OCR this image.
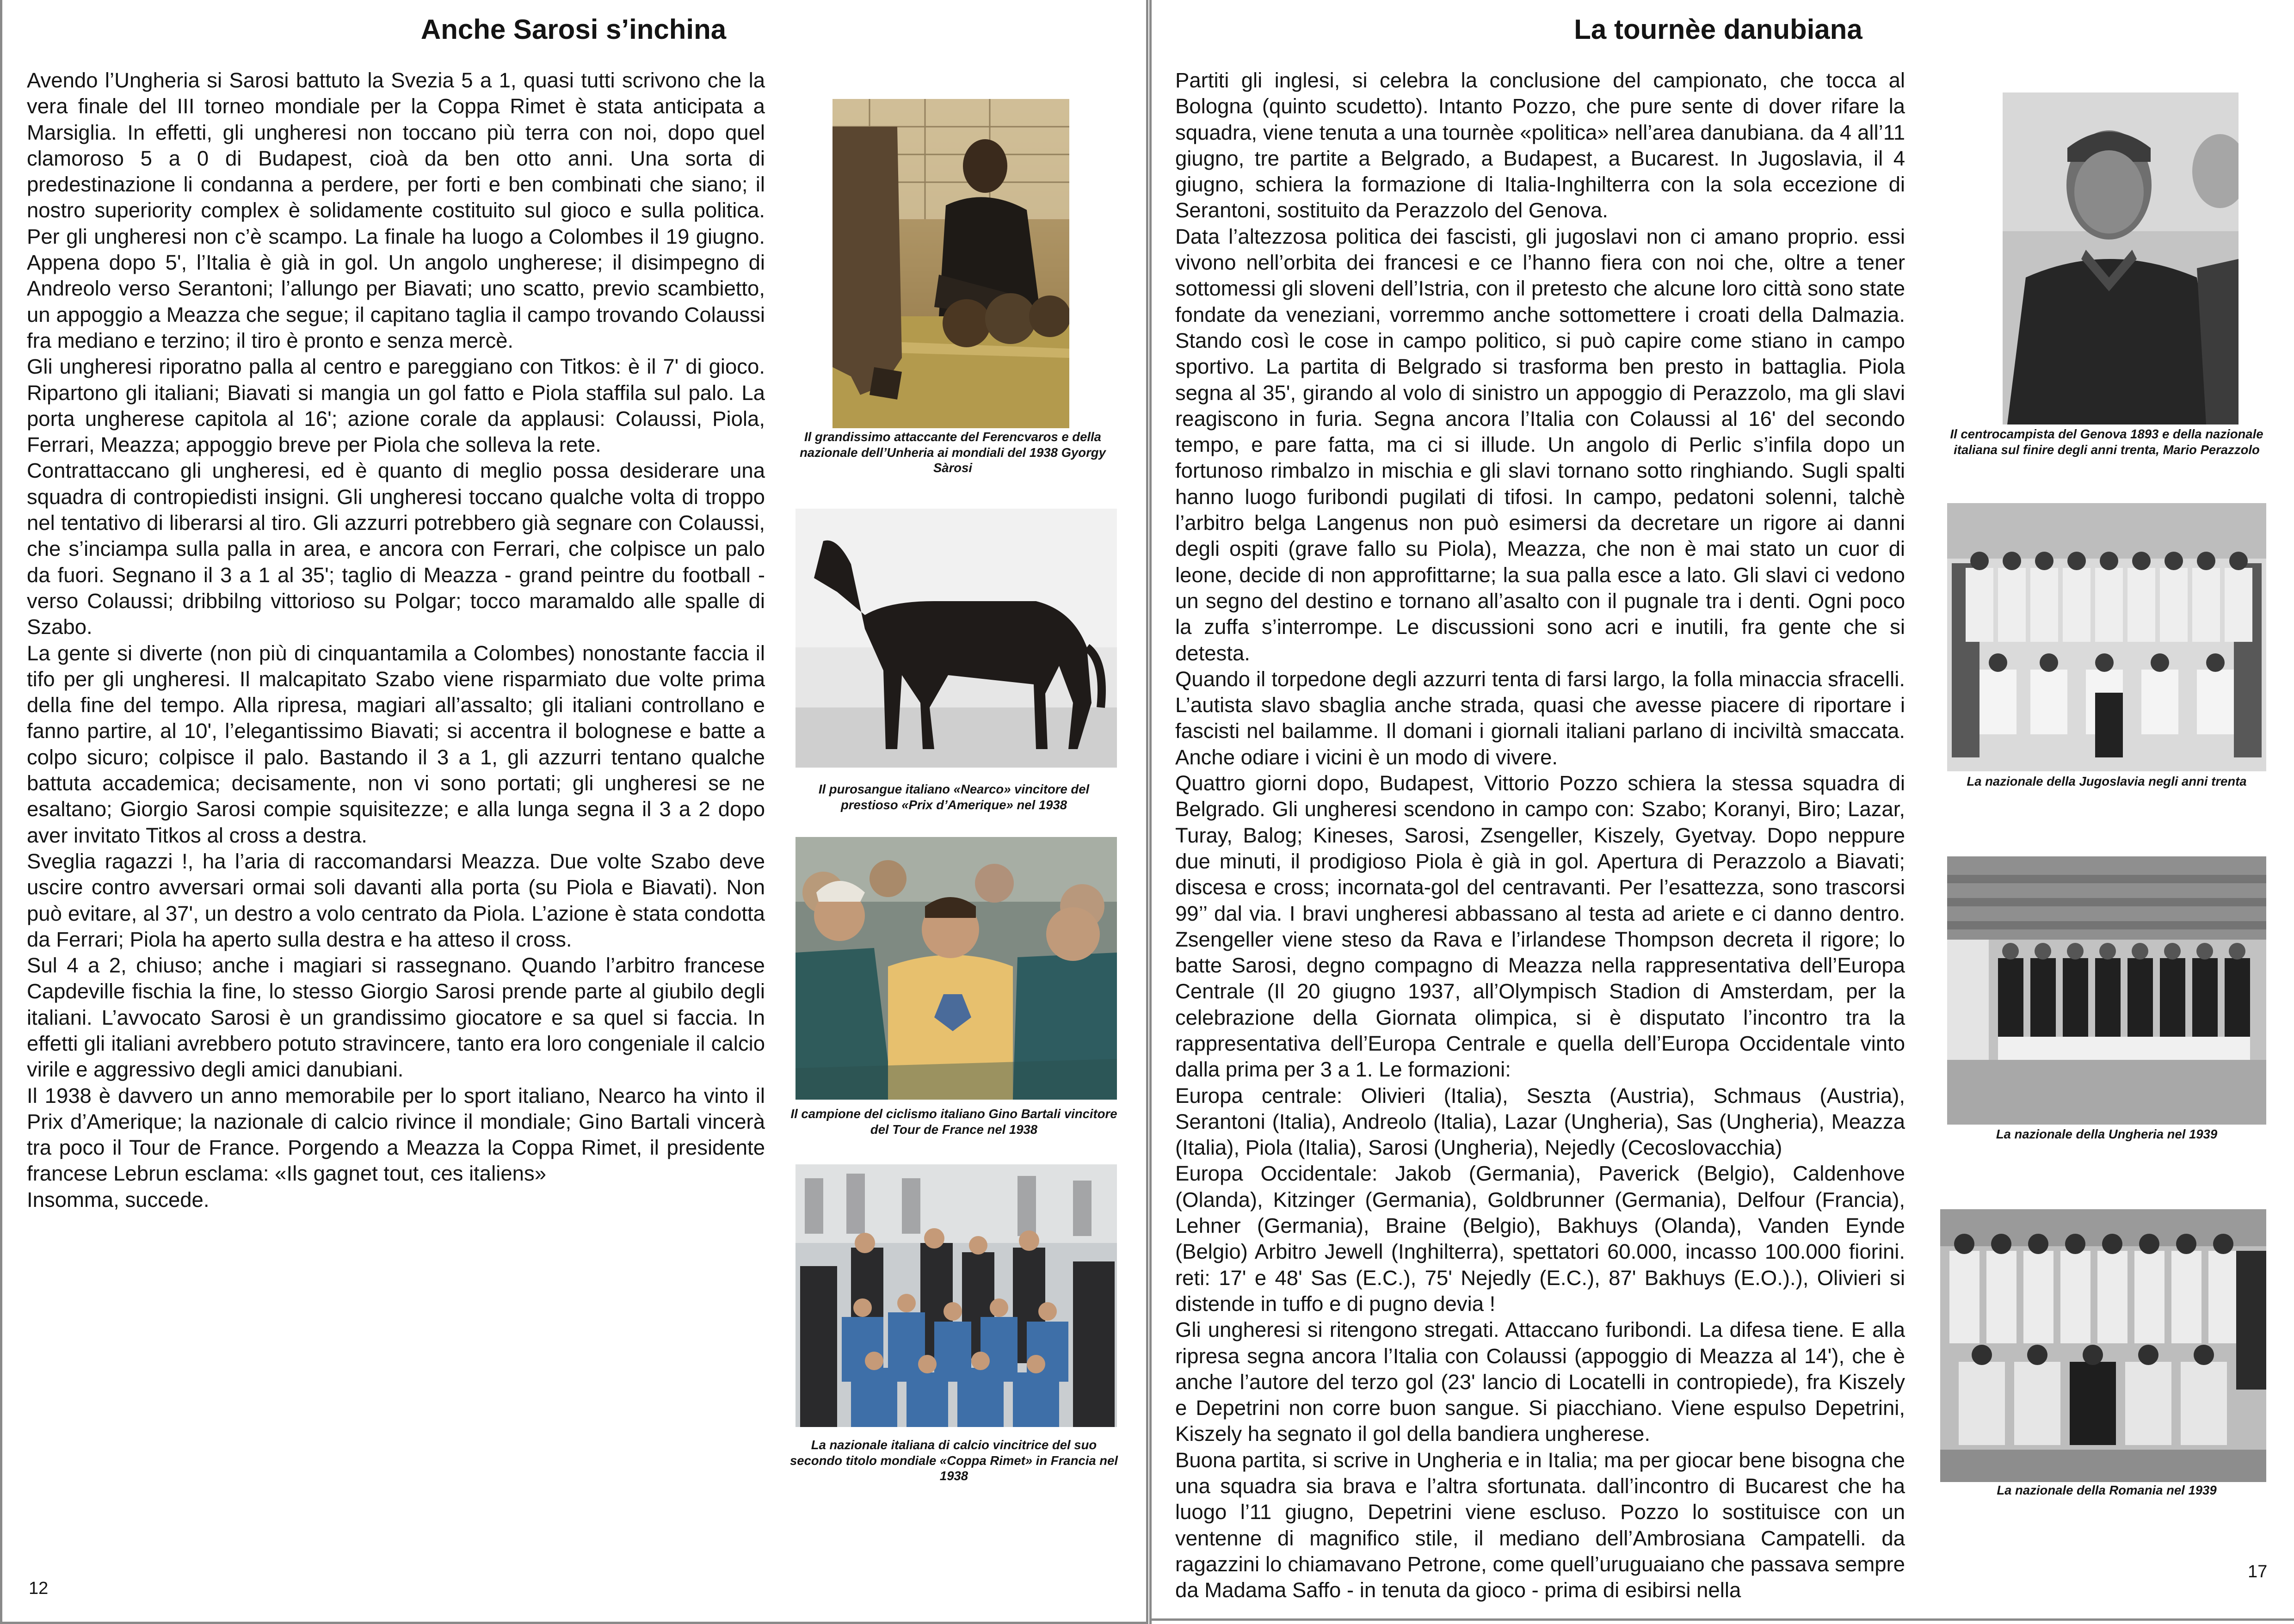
Anche Sarosi s’inchina

Avendo l’Ungheria si Sarosi battuto la Svezia 5 a 1, quasi tutti scrivono che la vera finale del III torneo mondiale per la Coppa Rimet è stata anticipata a Marsiglia. In effetti, gli ungheresi non toccano più terra con noi, dopo quel clamoroso 5 a 0 di Budapest, cioà da ben otto anni. Una sorta di predestinazione li condanna a perdere, per forti e ben combinati che siano; il nostro superiority complex è solidamente costituito sul gioco e sulla politica. Per gli ungheresi non c’è scampo. La finale ha luogo a Colombes il 19 giugno. Appena dopo 5', l’Italia è già in gol. Un angolo ungherese; il disimpegno di Andreolo verso Serantoni; l’allungo per Biavati; uno scatto, previo scambietto, un appoggio a Meazza che segue; il capitano taglia il campo trovando Colaussi fra mediano e terzino; il tiro è pronto e senza mercè.

Gli ungheresi riporatno palla al centro e pareggiano con Titkos: è il 7' di gioco. Ripartono gli italiani; Biavati si mangia un gol fatto e Piola staffila sul palo. La porta ungherese capitola al 16'; azione corale da applausi: Colaussi, Piola, Ferrari, Meazza; appoggio breve per Piola che solleva la rete.

Contrattaccano gli ungheresi, ed è quanto di meglio possa desiderare una squadra di contropiedisti insigni. Gli ungheresi toccano qualche volta di troppo nel tentativo di liberarsi al tiro. Gli azzurri potrebbero già segnare con Colaussi, che s’inciampa sulla palla in area, e ancora con Ferrari, che colpisce un palo da fuori. Segnano il 3 a 1 al 35'; taglio di Meazza - grand peintre du football - verso Colaussi; dribbilng vittorioso su Polgar; tocco maramaldo alle spalle di Szabo.

La gente si diverte (non più di cinquantamila a Colombes) nonostante faccia il tifo per gli ungheresi. Il malcapitato Szabo viene risparmiato due volte prima della fine del tempo. Alla ripresa, magiari all’assalto; gli italiani controllano e fanno partire, al 10', l’elegantissimo Biavati; si accentra il bolognese e batte a colpo sicuro; colpisce il palo. Bastando il 3 a 1, gli azzurri tentano qualche battuta accademica; decisamente, non vi sono portati; gli ungheresi se ne esaltano; Giorgio Sarosi compie squisitezze; e alla lunga segna il 3 a 2 dopo aver invitato Titkos al cross a destra.

Sveglia ragazzi !, ha l’aria di raccomandarsi Meazza. Due volte Szabo deve uscire contro avversari ormai soli davanti alla porta (su Piola e Biavati). Non può evitare, al 37', un destro a volo centrato da Piola. L’azione è stata condotta da Ferrari; Piola ha aperto sulla destra e ha atteso il cross.

Sul 4 a 2, chiuso; anche i magiari si rassegnano. Quando l’arbitro francese Capdeville fischia la fine, lo stesso Giorgio Sarosi prende parte al giubilo degli italiani. L’avvocato Sarosi è un grandissimo giocatore e sa quel si faccia. In effetti gli italiani avrebbero potuto stravincere, tanto era loro congeniale il calcio virile e aggressivo degli amici danubiani.

Il 1938 è davvero un anno memorabile per lo sport italiano, Nearco ha vinto il Prix d’Amerique; la nazionale di calcio rivince il mondiale; Gino Bartali vincerà tra poco il Tour de France. Porgendo a Meazza la Coppa Rimet, il presidente francese Lebrun esclama: «Ils gagnet tout, ces italiens»

Insomma, succede.

Il grandissimo attaccante del Ferencvaros e della nazionale dell’Unheria ai mondiali del 1938 Gyorgy Sàrosi
Il purosangue italiano «Nearco» vincitore del prestioso «Prix d’Amerique» nel 1938
Il campione del ciclismo italiano Gino Bartali vincitore del Tour de France nel 1938
La nazionale italiana di calcio vincitrice del suo secondo titolo mondiale «Coppa Rimet» in Francia nel 1938
12
La tournèe danubiana

Partiti gli inglesi, si celebra la conclusione del campionato, che tocca al Bologna (quinto scudetto). Intanto Pozzo, che pure sente di dover rifare la squadra, viene tenuta a una tournèe «politica» nell’area danubiana. da 4 all’11 giugno, tre partite a Belgrado, a Budapest, a Bucarest. In Jugoslavia, il 4 giugno, schiera la formazione di Italia-Inghilterra con la sola eccezione di Serantoni, sostituito da Perazzolo del Genova.

Data l’altezzosa politica dei fascisti, gli jugoslavi non ci amano proprio. essi vivono nell’orbita dei francesi e ce l’hanno fiera con noi che, oltre a tener sottomessi gli sloveni dell’Istria, con il pretesto che alcune loro città sono state fondate da veneziani, vorremmo anche sottomettere i croati della Dalmazia. Stando così le cose in campo politico, si può capire come stiano in campo sportivo. La partita di Belgrado si trasforma ben presto in battaglia. Piola segna al 35', girando al volo di sinistro un appoggio di Perazzolo, ma gli slavi reagiscono in furia. Segna ancora l’Italia con Colaussi al 16' del secondo tempo, e pare fatta, ma ci si illude. Un angolo di Perlic s’infila dopo un fortunoso rimbalzo in mischia e gli slavi tornano sotto ringhiando. Sugli spalti hanno luogo furibondi pugilati di tifosi. In campo, pedatoni solenni, talchè l’arbitro belga Langenus non può esimersi da decretare un rigore ai danni degli ospiti (grave fallo su Piola), Meazza, che non è mai stato un cuor di leone, decide di non approfittarne; la sua palla esce a lato. Gli slavi ci vedono un segno del destino e tornano all’asalto con il pugnale tra i denti. Ogni poco la zuffa s’interrompe. Le discussioni sono acri e inutili, fra gente che si detesta.

Quando il torpedone degli azzurri tenta di farsi largo, la folla minaccia sfracelli. L’autista slavo sbaglia anche strada, quasi che avesse piacere di riportare i fascisti nel bailamme. Il domani i giornali italiani parlano di inciviltà smaccata. Anche odiare i vicini è un modo di vivere.

Quattro giorni dopo, Budapest, Vittorio Pozzo schiera la stessa squadra di Belgrado. Gli ungheresi scendono in campo con: Szabo; Koranyi, Biro; Lazar, Turay, Balog; Kineses, Sarosi, Zsengeller, Kiszely, Gyetvay. Dopo neppure due minuti, il prodigioso Piola è già in gol. Apertura di Perazzolo a Biavati; discesa e cross; incornata-gol del centravanti. Per l’esattezza, sono trascorsi 99’’ dal via. I bravi ungheresi abbassano al testa ad ariete e ci danno dentro. Zsengeller viene steso da Rava e l’irlandese Thompson decreta il rigore; lo batte Sarosi, degno compagno di Meazza nella rappresentativa dell’Europa Centrale (Il 20 giugno 1937, all’Olympisch Stadion di Amsterdam, per la celebrazione della Giornata olimpica, si è disputato l’incontro tra la rappresentativa dell’Europa Centrale e quella dell’Europa Occidentale vinto dalla prima per 3 a 1. Le formazioni:

Europa centrale: Olivieri (Italia), Seszta (Austria), Schmaus (Austria), Serantoni (Italia), Andreolo (Italia), Lazar (Ungheria), Sas (Ungheria), Meazza (Italia), Piola (Italia), Sarosi (Ungheria), Nejedly (Cecoslovacchia)

Europa Occidentale: Jakob (Germania), Paverick (Belgio), Caldenhove (Olanda), Kitzinger (Germania), Goldbrunner (Germania), Delfour (Francia), Lehner (Germania), Braine (Belgio), Bakhuys (Olanda), Vanden Eynde (Belgio) Arbitro Jewell (Inghilterra), spettatori 60.000, incasso 100.000 fiorini. reti: 17' e 48' Sas (E.C.), 75' Nejedly (E.C.), 87' Bakhuys (E.O.).), Olivieri si distende in tuffo e di pugno devia !

Gli ungheresi si ritengono stregati. Attaccano furibondi. La difesa tiene. E alla ripresa segna ancora l’Italia con Colaussi (appoggio di Meazza al 14'), che è anche l’autore del terzo gol (23' lancio di Locatelli in contropiede), fra Kiszely e Depetrini non corre buon sangue. Si piacchiano. Viene espulso Depetrini, Kiszely ha segnato il gol della bandiera ungherese.

Buona partita, si scrive in Ungheria e in Italia; ma per giocar bene bisogna che una squadra sia brava e l’altra sfortunata. dall’incontro di Bucarest che ha luogo l’11 giugno, Depetrini viene escluso. Pozzo lo sostituisce con un ventenne di magnifico stile, il mediano dell’Ambrosiana Campatelli. da ragazzini lo chiamavano Petrone, come quell’uruguaiano che passava sempre da Madama Saffo - in tenuta da gioco - prima di esibirsi nella

Il centrocampista del Genova 1893 e della nazionale italiana sul finire degli anni trenta, Mario Perazzolo
La nazionale della Jugoslavia negli anni trenta
La nazionale della Ungheria nel 1939
La nazionale della Romania nel 1939
17
